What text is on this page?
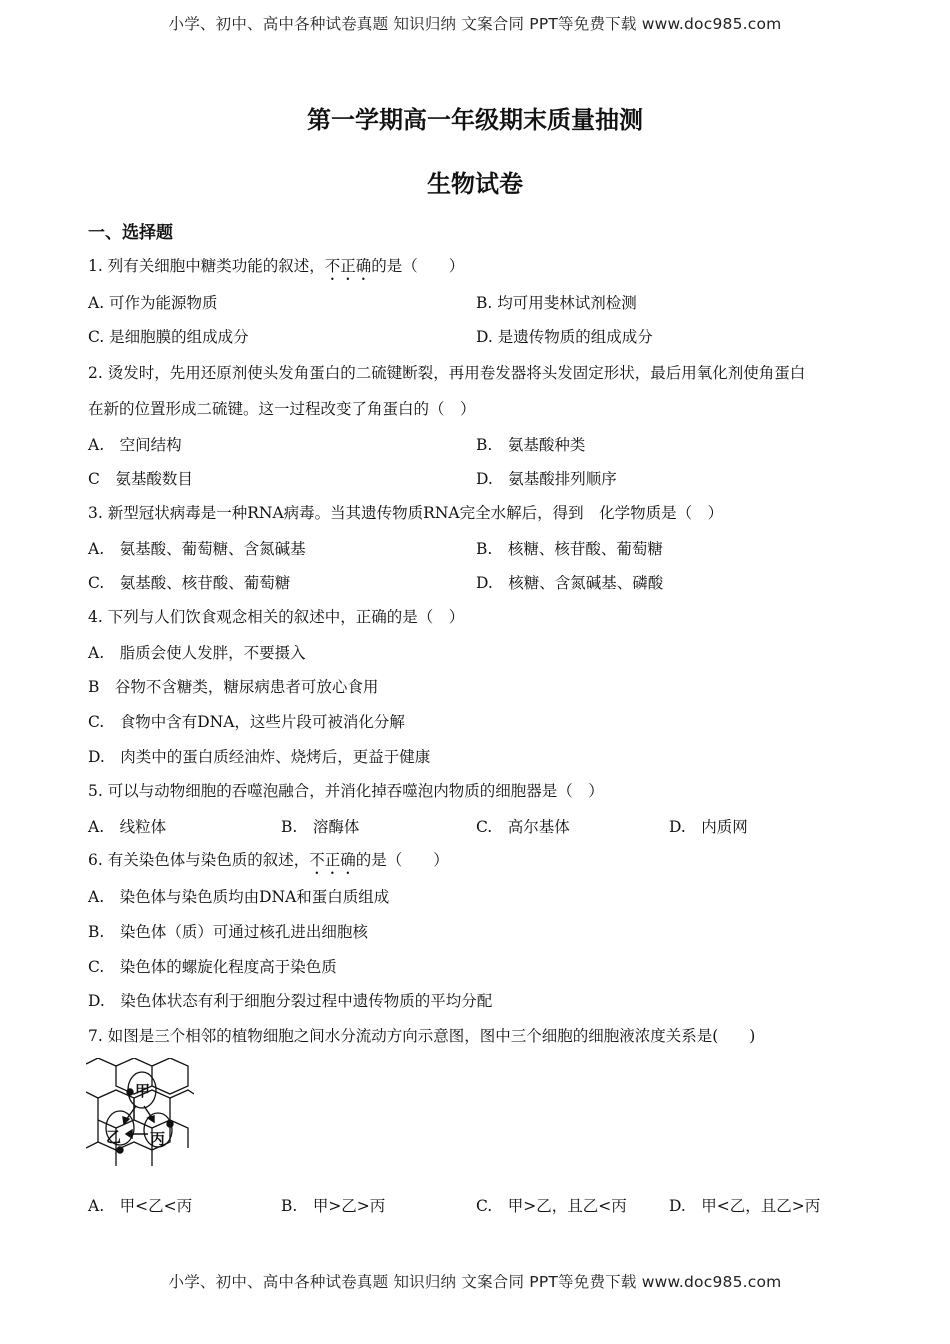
小学、初中、高中各种试卷真题 知识归纳 文案合同 PPT等免费下载 www.doc985.com
第一学期高一年级期末质量抽测
生物试卷
一、选择题
1. 列有关细胞中糖类功能的叙述，不正确的是（　　）
A. 可作为能源物质	B. 均可用斐林试剂检测
C. 是细胞膜的组成成分	D. 是遗传物质的组成成分
2. 烫发时，先用还原剂使头发角蛋白的二硫键断裂，再用卷发器将头发固定形状，最后用氧化剂使角蛋白
在新的位置形成二硫键。这一过程改变了角蛋白的（　）
A.　空间结构	B.　氨基酸种类
C　氨基酸数目	D.　氨基酸排列顺序
3. 新型冠状病毒是一种RNA病毒。当其遗传物质RNA完全水解后，得到　化学物质是（　）
A.　氨基酸、葡萄糖、含氮碱基	B.　核糖、核苷酸、葡萄糖
C.　氨基酸、核苷酸、葡萄糖	D.　核糖、含氮碱基、磷酸
4. 下列与人们饮食观念相关的叙述中，正确的是（　）
A.　脂质会使人发胖，不要摄入
B　谷物不含糖类，糖尿病患者可放心食用
C.　食物中含有DNA，这些片段可被消化分解
D.　肉类中的蛋白质经油炸、烧烤后，更益于健康
5. 可以与动物细胞的吞噬泡融合，并消化掉吞噬泡内物质的细胞器是（　）
A.　线粒体	B.　溶酶体	C.　高尔基体	D.　内质网
6. 有关染色体与染色质的叙述，不正确的是（　　）
A.　染色体与染色质均由DNA和蛋白质组成
B.　染色体（质）可通过核孔进出细胞核
C.　染色体的螺旋化程度高于染色质
D.　染色体状态有利于细胞分裂过程中遗传物质的平均分配
7. 如图是三个相邻的植物细胞之间水分流动方向示意图，图中三个细胞的细胞液浓度关系是(　　)
甲
乙 丙
A.　甲<乙<丙	B.　甲>乙>丙	C.　甲>乙，且乙<丙	D.　甲<乙，且乙>丙
小学、初中、高中各种试卷真题 知识归纳 文案合同 PPT等免费下载 www.doc985.com
